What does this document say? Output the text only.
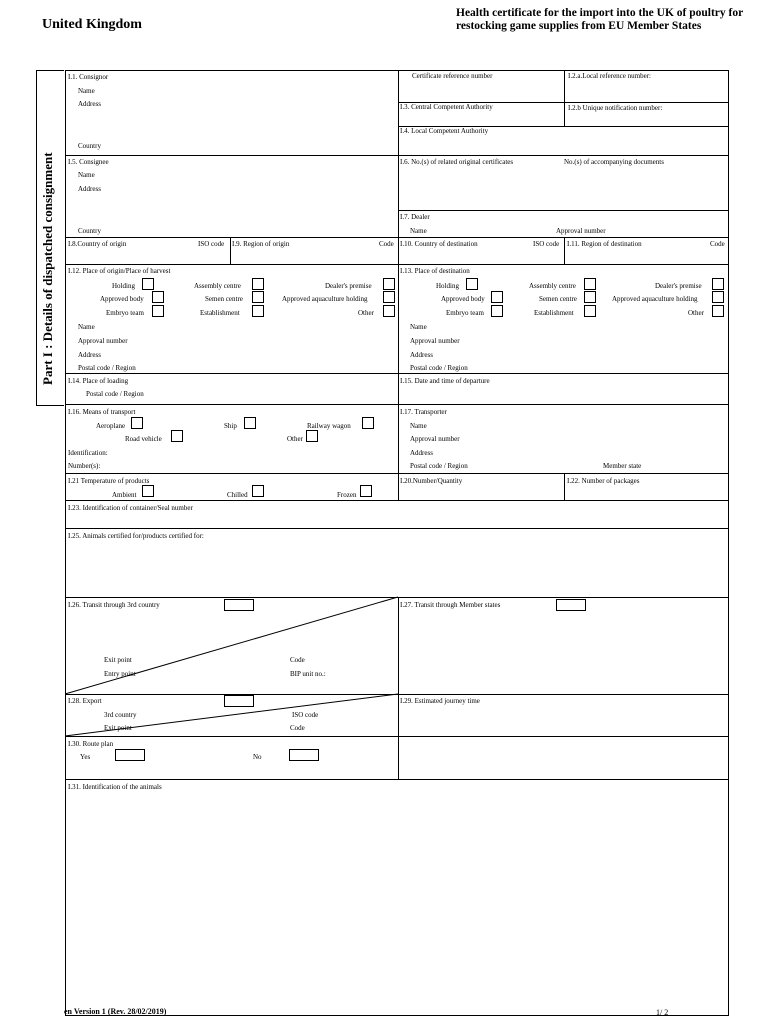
United Kingdom
Health certificate for the import into the UK of poultry for restocking game supplies from EU Member States
Part I : Details of dispatched consignment
I.1. Consignor
Name
Address
Country
Certificate reference number	I.2.a.Local reference number:
I.3. Central Competent Authority	I.2.b Unique notification number:
I.4. Local Competent Authority
I.5. Consignee
Name
Address
Country
I.6. No.(s) of related original certificates	No.(s) of accompanying documents
I.7. Dealer
Name	Approval number
I.8.Country of origin	ISO code I.9. Region of origin	Code I.10. Country of destination	ISO code I.11. Region of destination	Code
I.12. Place of origin/Place of harvest
Holding	Assembly centre	Dealer's premise
Approved body	Semen centre	Approved aquaculture holding
Embryo team	Establishment	Other
Name
Approval number
Address
Postal code / Region
I.13. Place of destination
Holding	Assembly centre	Dealer's premise
Approved body	Semen centre	Approved aquaculture holding
Embryo team	Establishment	Other
Name
Approval number
Address
Postal code / Region
I.14. Place of loading
Postal code / Region
I.15. Date and time of departure
I.16. Means of transport
Aeroplane	Ship	Railway wagon
Road vehicle	Other
Identification:
Number(s):
I.17. Transporter
Name
Approval number
Address
Postal code / Region	Member state
I.21 Temperature of products
Ambient	Chilled	Frozen
I.20.Number/Quantity	I.22. Number of packages
I.23. Identification of container/Seal number
I.25. Animals certified for/products certified for:
I.26. Transit through 3rd country	I.27. Transit through Member states
Exit point	Code
Entry point	BIP unit no.:
I.28. Export
3rd country	ISO code
Exit point	Code
I.29. Estimated journey time
I.30. Route plan
Yes	No
I.31. Identification of the animals
en Version 1 (Rev. 28/02/2019)	1/ 2
